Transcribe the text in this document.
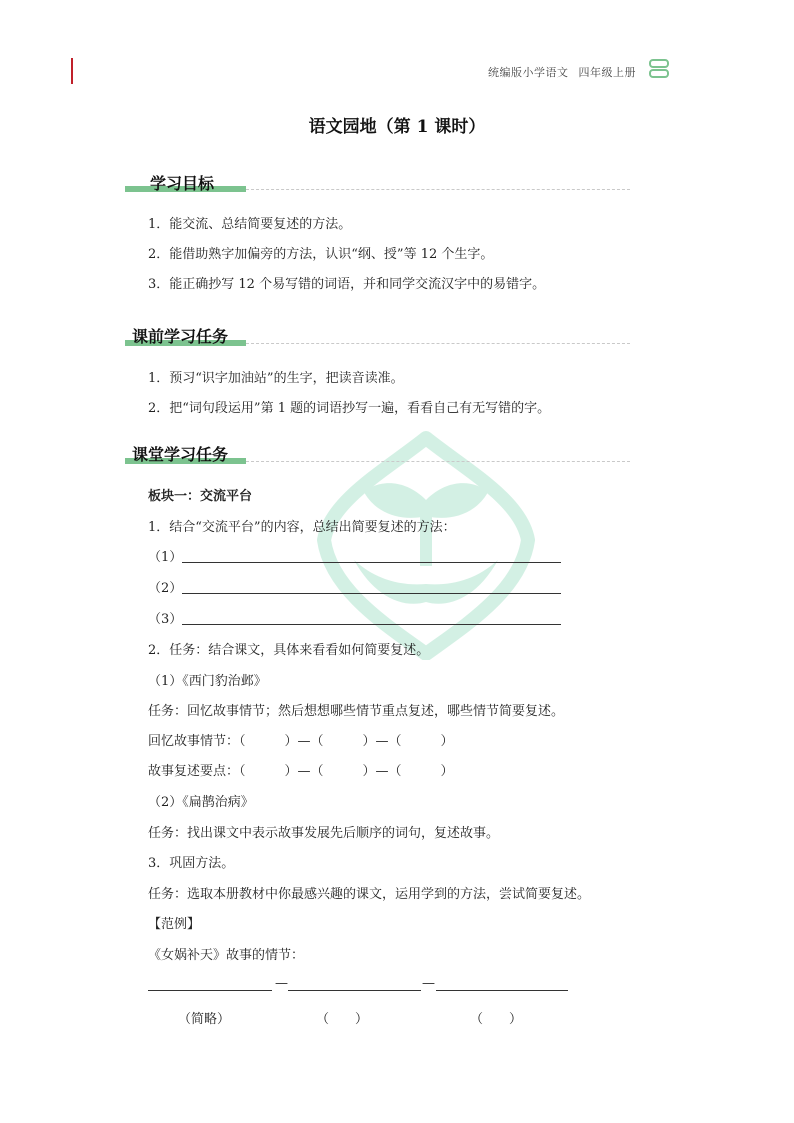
统编版小学语文 四年级上册
语文园地（第 1 课时）
学习目标
1．能交流、总结简要复述的方法。
2．能借助熟字加偏旁的方法，认识“纲、授”等 12 个生字。
3．能正确抄写 12 个易写错的词语，并和同学交流汉字中的易错字。
课前学习任务
1．预习“识字加油站”的生字，把读音读准。
2．把“词句段运用”第 1 题的词语抄写一遍，看看自己有无写错的字。
课堂学习任务
板块一：交流平台
1．结合“交流平台”的内容，总结出简要复述的方法：
（1）
（2）
（3）
2．任务：结合课文，具体来看看如何简要复述。
（1）《西门豹治邺》
任务：回忆故事情节；然后想想哪些情节重点复述，哪些情节简要复述。
回忆故事情节：（　　　）—（　　　）—（　　　）
故事复述要点：（　　　）—（　　　）—（　　　）
（2）《扁鹊治病》
任务：找出课文中表示故事发展先后顺序的词句，复述故事。
3．巩固方法。
任务：选取本册教材中你最感兴趣的课文，运用学到的方法，尝试简要复述。
【范例】
《女娲补天》故事的情节：
—	—
（简略）	（　　）	（　　）
